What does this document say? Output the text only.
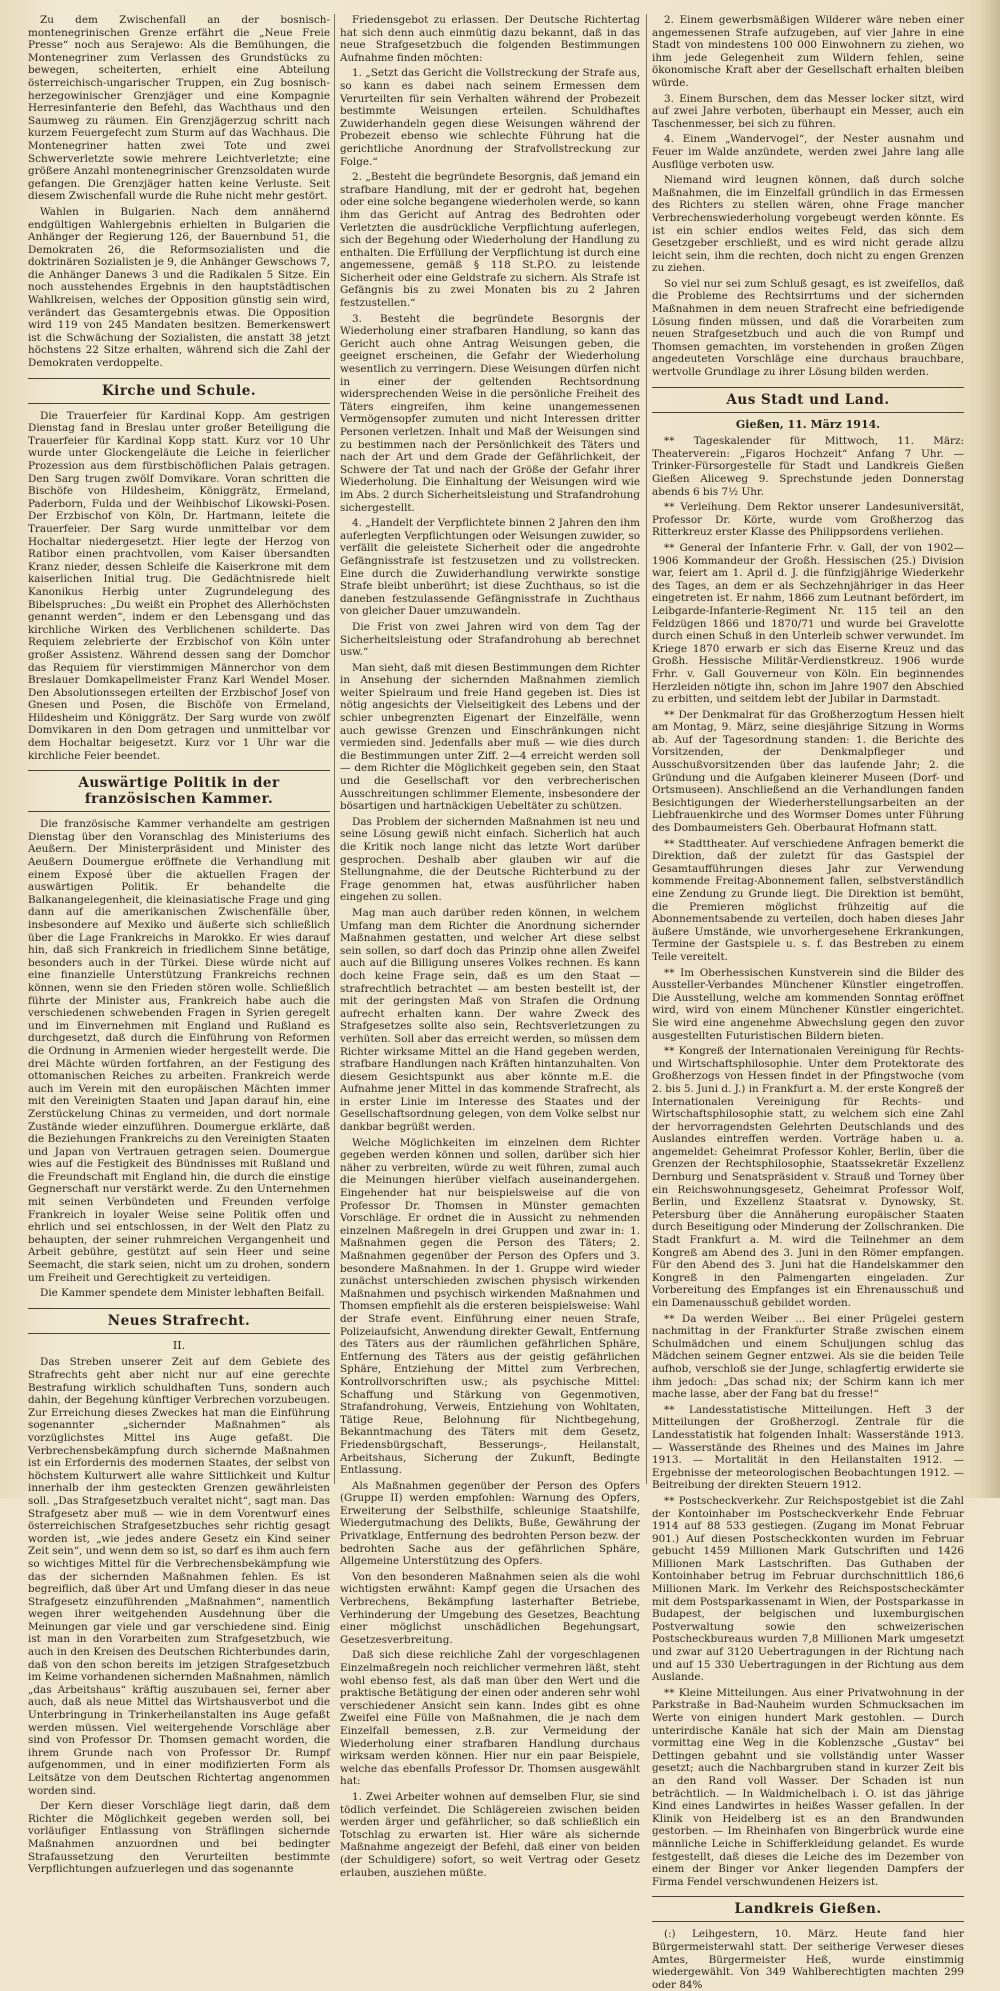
Zu dem Zwischenfall an der bosnisch-montenegrinischen Grenze erfährt die „Neue Freie Presse“ noch aus Serajewo: Als die Bemühungen, die Montenegriner zum Verlassen des Grundstücks zu bewegen, scheiterten, erhielt eine Abteilung österreichisch-ungarischer Truppen, ein Zug bosnisch-herzegowinischer Grenzjäger und eine Kompagnie Herresinfanterie den Befehl, das Wachthaus und den Saumweg zu räumen. Ein Grenzjägerzug schritt nach kurzem Feuergefecht zum Sturm auf das Wachhaus. Die Montenegriner hatten zwei Tote und zwei Schwerverletzte sowie mehrere Leichtverletzte; eine größere Anzahl montenegrinischer Grenzsoldaten wurde gefangen. Die Grenzjäger hatten keine Verluste. Seit diesem Zwischenfall wurde die Ruhe nicht mehr gestört.
Wahlen in Bulgarien. Nach dem annähernd endgültigen Wahlergebnis erhielten in Bulgarien die Anhänger der Regierung 126, der Bauernbund 51, die Demokraten 26, die Reformsozialisten und die doktrinären Sozialisten je 9, die Anhänger Gewschows 7, die Anhänger Danews 3 und die Radikalen 5 Sitze. Ein noch ausstehendes Ergebnis in den hauptstädtischen Wahlkreisen, welches der Opposition günstig sein wird, verändert das Gesamtergebnis etwas. Die Opposition wird 119 von 245 Mandaten besitzen. Bemerkenswert ist die Schwächung der Sozialisten, die anstatt 38 jetzt höchstens 22 Sitze erhalten, während sich die Zahl der Demokraten verdoppelte.
Kirche und Schule.
Die Trauerfeier für Kardinal Kopp. Am gestrigen Dienstag fand in Breslau unter großer Beteiligung die Trauerfeier für Kardinal Kopp statt. Kurz vor 10 Uhr wurde unter Glockengeläute die Leiche in feierlicher Prozession aus dem fürstbischöflichen Palais getragen. Den Sarg trugen zwölf Domvikare. Voran schritten die Bischöfe von Hildesheim, Königgrätz, Ermeland, Paderborn, Fulda und der Weihbischof Likowski-Posen. Der Erzbischof von Köln, Dr. Hartmann, leitete die Trauerfeier. Der Sarg wurde unmittelbar vor dem Hochaltar niedergesetzt. Hier legte der Herzog von Ratibor einen prachtvollen, vom Kaiser übersandten Kranz nieder, dessen Schleife die Kaiserkrone mit dem kaiserlichen Initial trug. Die Gedächtnisrede hielt Kanonikus Herbig unter Zugrundelegung des Bibelspruches: „Du weißt ein Prophet des Allerhöchsten genannt werden“, indem er den Lebensgang und das kirchliche Wirken des Verblichenen schilderte. Das Requiem zelebrierte der Erzbischof von Köln unter großer Assistenz. Während dessen sang der Domchor das Requiem für vierstimmigen Männerchor von dem Breslauer Domkapellmeister Franz Karl Wendel Moser. Den Absolutionssegen erteilten der Erzbischof Josef von Gnesen und Posen, die Bischöfe von Ermeland, Hildesheim und Königgrätz. Der Sarg wurde von zwölf Domvikaren in den Dom getragen und unmittelbar vor dem Hochaltar beigesetzt. Kurz vor 1 Uhr war die kirchliche Feier beendet.
Auswärtige Politik in der französischen Kammer.
Die französische Kammer verhandelte am gestrigen Dienstag über den Voranschlag des Ministeriums des Aeußern. Der Ministerpräsident und Minister des Aeußern Doumergue eröffnete die Verhandlung mit einem Exposé über die aktuellen Fragen der auswärtigen Politik. Er behandelte die Balkanangelegenheit, die kleinasiatische Frage und ging dann auf die amerikanischen Zwischenfälle über, insbesondere auf Mexiko und äußerte sich schließlich über die Lage Frankreichs in Marokko. Er wies darauf hin, daß sich Frankreich in friedlichem Sinne betätige, besonders auch in der Türkei. Diese würde nicht auf eine finanzielle Unterstützung Frankreichs rechnen können, wenn sie den Frieden stören wolle. Schließlich führte der Minister aus, Frankreich habe auch die verschiedenen schwebenden Fragen in Syrien geregelt und im Einvernehmen mit England und Rußland es durchgesetzt, daß durch die Einführung von Reformen die Ordnung in Armenien wieder hergestellt werde. Die drei Mächte würden fortfahren, an der Festigung des ottomanischen Reiches zu arbeiten. Frankreich werde auch im Verein mit den europäischen Mächten immer mit den Vereinigten Staaten und Japan darauf hin, eine Zerstückelung Chinas zu vermeiden, und dort normale Zustände wieder einzuführen. Doumergue erklärte, daß die Beziehungen Frankreichs zu den Vereinigten Staaten und Japan von Vertrauen getragen seien. Doumergue wies auf die Festigkeit des Bündnisses mit Rußland und die Freundschaft mit England hin, die durch die einstige Gegnerschaft nur verstärkt werde. Zu den Unternehmen mit seinen Verbündeten und Freunden verfolge Frankreich in loyaler Weise seine Politik offen und ehrlich und sei entschlossen, in der Welt den Platz zu behaupten, der seiner ruhmreichen Vergangenheit und Arbeit gebühre, gestützt auf sein Heer und seine Seemacht, die stark seien, nicht um zu drohen, sondern um Freiheit und Gerechtigkeit zu verteidigen.
Die Kammer spendete dem Minister lebhaften Beifall.
Neues Strafrecht.
II.
Das Streben unserer Zeit auf dem Gebiete des Strafrechts geht aber nicht nur auf eine gerechte Bestrafung wirklich schuldhaften Tuns, sondern auch dahin, der Begehung künftiger Verbrechen vorzubeugen. Zur Erreichung dieses Zweckes hat man die Einführung sogenannter „sichernder Maßnahmen“ als vorzüglichstes Mittel ins Auge gefaßt. Die Verbrechensbekämpfung durch sichernde Maßnahmen ist ein Erfordernis des modernen Staates, der selbst von höchstem Kulturwert alle wahre Sittlichkeit und Kultur innerhalb der ihm gesteckten Grenzen gewährleisten soll. „Das Strafgesetzbuch veraltet nicht“, sagt man. Das Strafgesetz aber muß — wie in dem Vorentwurf eines österreichischen Strafgesetzbuches sehr richtig gesagt worden ist, „wie jedes andere Gesetz ein Kind seiner Zeit sein“, und wenn dem so ist, so darf es ihm auch fern so wichtiges Mittel für die Verbrechensbekämpfung wie das der sichernden Maßnahmen fehlen. Es ist begreiflich, daß über Art und Umfang dieser in das neue Strafgesetz einzuführenden „Maßnahmen“, namentlich wegen ihrer weitgehenden Ausdehnung über die Meinungen gar viele und gar verschiedene sind. Einig ist man in den Vorarbeiten zum Strafgesetzbuch, wie auch in den Kreisen des Deutschen Richterbundes darin, daß von den schon bereits im jetzigen Strafgesetzbuch im Keime vorhandenen sichernden Maßnahmen, nämlich „das Arbeitshaus“ kräftig auszubauen sei, ferner aber auch, daß als neue Mittel das Wirtshausverbot und die Unterbringung in Trinkerheilanstalten ins Auge gefaßt werden müssen. Viel weitergehende Vorschläge aber sind von Professor Dr. Thomsen gemacht worden, die ihrem Grunde nach von Professor Dr. Rumpf aufgenommen, und in einer modifizierten Form als Leitsätze von dem Deutschen Richtertag angenommen worden sind.
Der Kern dieser Vorschläge liegt darin, daß dem Richter die Möglichkeit gegeben werden soll, bei vorläufiger Entlassung von Sträflingen sichernde Maßnahmen anzuordnen und bei bedingter Strafaussetzung den Verurteilten bestimmte Verpflichtungen aufzuerlegen und das sogenannte
Friedensgebot zu erlassen. Der Deutsche Richtertag hat sich denn auch einmütig dazu bekannt, daß in das neue Strafgesetzbuch die folgenden Bestimmungen Aufnahme finden möchten:
1. „Setzt das Gericht die Vollstreckung der Strafe aus, so kann es dabei nach seinem Ermessen dem Verurteilten für sein Verhalten während der Probezeit bestimmte Weisungen erteilen. Schuldhaftes Zuwiderhandeln gegen diese Weisungen während der Probezeit ebenso wie schlechte Führung hat die gerichtliche Anordnung der Strafvollstreckung zur Folge.“
2. „Besteht die begründete Besorgnis, daß jemand ein strafbare Handlung, mit der er gedroht hat, begehen oder eine solche begangene wiederholen werde, so kann ihm das Gericht auf Antrag des Bedrohten oder Verletzten die ausdrückliche Verpflichtung auferlegen, sich der Begehung oder Wiederholung der Handlung zu enthalten. Die Erfüllung der Verpflichtung ist durch eine angemessene, gemäß § 118 St.P.O. zu leistende Sicherheit oder eine Geldstrafe zu sichern. Als Strafe ist Gefängnis bis zu zwei Monaten bis zu 2 Jahren festzustellen.“
3. Besteht die begründete Besorgnis der Wiederholung einer strafbaren Handlung, so kann das Gericht auch ohne Antrag Weisungen geben, die geeignet erscheinen, die Gefahr der Wiederholung wesentlich zu verringern. Diese Weisungen dürfen nicht in einer der geltenden Rechtsordnung widersprechenden Weise in die persönliche Freiheit des Täters eingreifen, ihm keine unangemessenen Vermögensopfer zumuten und nicht Interessen dritter Personen verletzen. Inhalt und Maß der Weisungen sind zu bestimmen nach der Persönlichkeit des Täters und nach der Art und dem Grade der Gefährlichkeit, der Schwere der Tat und nach der Größe der Gefahr ihrer Wiederholung. Die Einhaltung der Weisungen wird wie im Abs. 2 durch Sicherheitsleistung und Strafandrohung sichergestellt.
4. „Handelt der Verpflichtete binnen 2 Jahren den ihm auferlegten Verpflichtungen oder Weisungen zuwider, so verfällt die geleistete Sicherheit oder die angedrohte Gefängnisstrafe ist festzusetzen und zu vollstrecken. Eine durch die Zuwiderhandlung verwirkte sonstige Strafe bleibt unberührt; ist diese Zuchthaus, so ist die daneben festzulassende Gefängnisstrafe in Zuchthaus von gleicher Dauer umzuwandeln.
Die Frist von zwei Jahren wird von dem Tag der Sicherheitsleistung oder Strafandrohung ab berechnet usw.“
Man sieht, daß mit diesen Bestimmungen dem Richter in Ansehung der sichernden Maßnahmen ziemlich weiter Spielraum und freie Hand gegeben ist. Dies ist nötig angesichts der Vielseitigkeit des Lebens und der schier unbegrenzten Eigenart der Einzelfälle, wenn auch gewisse Grenzen und Einschränkungen nicht vermieden sind. Jedenfalls aber muß — wie dies durch die Bestimmungen unter Ziff. 2—4 erreicht werden soll — dem Richter die Möglichkeit gegeben sein, den Staat und die Gesellschaft vor den verbrecherischen Ausschreitungen schlimmer Elemente, insbesondere der bösartigen und hartnäckigen Uebeltäter zu schützen.
Das Problem der sichernden Maßnahmen ist neu und seine Lösung gewiß nicht einfach. Sicherlich hat auch die Kritik noch lange nicht das letzte Wort darüber gesprochen. Deshalb aber glauben wir auf die Stellungnahme, die der Deutsche Richterbund zu der Frage genommen hat, etwas ausführlicher haben eingehen zu sollen.
Mag man auch darüber reden können, in welchem Umfang man dem Richter die Anordnung sichernder Maßnahmen gestatten, und welcher Art diese selbst sein sollen, so darf doch das Prinzip ohne allen Zweifel auch auf die Billigung unseres Volkes rechnen. Es kann doch keine Frage sein, daß es um den Staat — strafrechtlich betrachtet — am besten bestellt ist, der mit der geringsten Maß von Strafen die Ordnung aufrecht erhalten kann. Der wahre Zweck des Strafgesetzes sollte also sein, Rechtsverletzungen zu verhüten. Soll aber das erreicht werden, so müssen dem Richter wirksame Mittel an die Hand gegeben werden, strafbare Handlungen nach Kräften hintanzuhalten. Von diesem Gesichtspunkt aus aber könnte m.E. die Aufnahme jener Mittel in das kommende Strafrecht, als in erster Linie im Interesse des Staates und der Gesellschaftsordnung gelegen, von dem Volke selbst nur dankbar begrüßt werden.
Welche Möglichkeiten im einzelnen dem Richter gegeben werden können und sollen, darüber sich hier näher zu verbreiten, würde zu weit führen, zumal auch die Meinungen hierüber vielfach auseinandergehen. Eingehender hat nur beispielsweise auf die von Professor Dr. Thomsen in Münster gemachten Vorschläge. Er ordnet die in Aussicht zu nehmenden einzelnen Maßregeln in drei Gruppen und zwar in: 1. Maßnahmen gegen die Person des Täters; 2. Maßnahmen gegenüber der Person des Opfers und 3. besondere Maßnahmen. In der 1. Gruppe wird wieder zunächst unterschieden zwischen physisch wirkenden Maßnahmen und psychisch wirkenden Maßnahmen und Thomsen empfiehlt als die ersteren beispielsweise: Wahl der Strafe event. Einführung einer neuen Strafe, Polizeiaufsicht, Anwendung direkter Gewalt, Entfernung des Täters aus der räumlichen gefährlichen Sphäre, Entfernung des Täters aus der geistig gefährlichen Sphäre, Entziehung der Mittel zum Verbrechen, Kontrollvorschriften usw.; als psychische Mittel: Schaffung und Stärkung von Gegenmotiven, Strafandrohung, Verweis, Entziehung von Wohltaten, Tätige Reue, Belohnung für Nichtbegehung, Bekanntmachung des Täters mit dem Gesetz, Friedensbürgschaft, Besserungs-, Heilanstalt, Arbeitshaus, Sicherung der Zukunft, Bedingte Entlassung.
Als Maßnahmen gegenüber der Person des Opfers (Gruppe II) werden empfohlen: Warnung des Opfers, Erweiterung der Selbsthilfe, schleunige Staatshilfe, Wiedergutmachung des Delikts, Buße, Gewährung der Privatklage, Entfernung des bedrohten Person bezw. der bedrohten Sache aus der gefährlichen Sphäre, Allgemeine Unterstützung des Opfers.
Von den besonderen Maßnahmen seien als die wohl wichtigsten erwähnt: Kampf gegen die Ursachen des Verbrechens, Bekämpfung lasterhafter Betriebe, Verhinderung der Umgebung des Gesetzes, Beachtung einer möglichst unschädlichen Begehungsart, Gesetzesverbreitung.
Daß sich diese reichliche Zahl der vorgeschlagenen Einzelmaßregeln noch reichlicher vermehren läßt, steht wohl ebenso fest, als daß man über den Wert und die praktische Betätigung der einen oder anderen sehr wohl verschiedener Ansicht sein kann. Indes gibt es ohne Zweifel eine Fülle von Maßnahmen, die je nach dem Einzelfall bemessen, z.B. zur Vermeidung der Wiederholung einer strafbaren Handlung durchaus wirksam werden können. Hier nur ein paar Beispiele, welche das ebenfalls Professor Dr. Thomsen ausgewählt hat:
1. Zwei Arbeiter wohnen auf demselben Flur, sie sind tödlich verfeindet. Die Schlägereien zwischen beiden werden ärger und gefährlicher, so daß schließlich ein Totschlag zu erwarten ist. Hier wäre als sichernde Maßnahme angezeigt der Befehl, daß einer von beiden (der Schuldigere) sofort, so weit Vertrag oder Gesetz erlauben, ausziehen müßte.
2. Einem gewerbsmäßigen Wilderer wäre neben einer angemessenen Strafe aufzugeben, auf vier Jahre in eine Stadt von mindestens 100 000 Einwohnern zu ziehen, wo ihm jede Gelegenheit zum Wildern fehlen, seine ökonomische Kraft aber der Gesellschaft erhalten bleiben würde.
3. Einem Burschen, dem das Messer locker sitzt, wird auf zwei Jahre verboten, überhaupt ein Messer, auch ein Taschenmesser, bei sich zu führen.
4. Einem „Wandervogel“, der Nester ausnahm und Feuer im Walde anzündete, werden zwei Jahre lang alle Ausflüge verboten usw.
Niemand wird leugnen können, daß durch solche Maßnahmen, die im Einzelfall gründlich in das Ermessen des Richters zu stellen wären, ohne Frage mancher Verbrechenswiederholung vorgebeugt werden könnte. Es ist ein schier endlos weites Feld, das sich dem Gesetzgeber erschließt, und es wird nicht gerade allzu leicht sein, ihm die rechten, doch nicht zu engen Grenzen zu ziehen.
So viel nur sei zum Schluß gesagt, es ist zweifellos, daß die Probleme des Rechtsirrtums und der sichernden Maßnahmen in dem neuen Strafrecht eine befriedigende Lösung finden müssen, und daß die Vorarbeiten zum neuen Strafgesetzbuch und auch die von Rumpf und Thomsen gemachten, im vorstehenden in großen Zügen angedeuteten Vorschläge eine durchaus brauchbare, wertvolle Grundlage zu ihrer Lösung bilden werden.
Aus Stadt und Land.
Gießen, 11. März 1914.
** Tageskalender für Mittwoch, 11. März: Theaterverein: „Figaros Hochzeit“ Anfang 7 Uhr. — Trinker-Fürsorgestelle für Stadt und Landkreis Gießen Gießen Aliceweg 9. Sprechstunde jeden Donnerstag abends 6 bis 7½ Uhr.
** Verleihung. Dem Rektor unserer Landesuniversität, Professor Dr. Körte, wurde vom Großherzog das Ritterkreuz erster Klasse des Philippsordens verliehen.
** General der Infanterie Frhr. v. Gall, der von 1902—1906 Kommandeur der Großh. Hessischen (25.) Division war, feiert am 1. April d. J. die fünfzigjährige Wiederkehr des Tages, an dem er als Sechzehnjähriger in das Heer eingetreten ist. Er nahm, 1866 zum Leutnant befördert, im Leibgarde-Infanterie-Regiment Nr. 115 teil an den Feldzügen 1866 und 1870/71 und wurde bei Gravelotte durch einen Schuß in den Unterleib schwer verwundet. Im Kriege 1870 erwarb er sich das Eiserne Kreuz und das Großh. Hessische Militär-Verdienstkreuz. 1906 wurde Frhr. v. Gall Gouverneur von Köln. Ein beginnendes Herzleiden nötigte ihn, schon im Jahre 1907 den Abschied zu erbitten, und seitdem lebt der Jubilar in Darmstadt.
** Der Denkmalrat für das Großherzogtum Hessen hielt am Montag, 9. März, seine diesjährige Sitzung in Worms ab. Auf der Tagesordnung standen: 1. die Berichte des Vorsitzenden, der Denkmalpfleger und Ausschußvorsitzenden über das laufende Jahr; 2. die Gründung und die Aufgaben kleinerer Museen (Dorf- und Ortsmuseen). Anschließend an die Verhandlungen fanden Besichtigungen der Wiederherstellungsarbeiten an der Liebfrauenkirche und des Wormser Domes unter Führung des Dombaumeisters Geh. Oberbaurat Hofmann statt.
** Stadttheater. Auf verschiedene Anfragen bemerkt die Direktion, daß der zuletzt für das Gastspiel der Gesamtaufführungen dieses Jahr zur Verwendung kommende Freitag-Abonnement fallen, selbstverständlich eine Zendung zu Grunde liegt. Die Direktion ist bemüht, die Premieren möglichst frühzeitig auf die Abonnementsabende zu verteilen, doch haben dieses Jahr äußere Umstände, wie unvorhergesehene Erkrankungen, Termine der Gastspiele u. s. f. das Bestreben zu einem Teile vereitelt.
** Im Oberhessischen Kunstverein sind die Bilder des Aussteller-Verbandes Münchener Künstler eingetroffen. Die Ausstellung, welche am kommenden Sonntag eröffnet wird, wird von einem Münchener Künstler eingerichtet. Sie wird eine angenehme Abwechslung gegen den zuvor ausgestellten Futuristischen Bildern bieten.
** Kongreß der Internationalen Vereinigung für Rechts- und Wirtschaftsphilosophie. Unter dem Protektorate des Großherzogs von Hessen findet in der Pfingstwoche (vom 2. bis 5. Juni d. J.) in Frankfurt a. M. der erste Kongreß der Internationalen Vereinigung für Rechts- und Wirtschaftsphilosophie statt, zu welchem sich eine Zahl der hervorragendsten Gelehrten Deutschlands und des Auslandes eintreffen werden. Vorträge haben u. a. angemeldet: Geheimrat Professor Kohler, Berlin, über die Grenzen der Rechtsphilosophie, Staatssekretär Exzellenz Dernburg und Senatspräsident v. Strauß und Torney über ein Reichswohnungsgesetz, Geheimrat Professor Wolf, Berlin, und Exzellenz Staatsrat v. Dynowsky, St. Petersburg über die Annäherung europäischer Staaten durch Beseitigung oder Minderung der Zollschranken. Die Stadt Frankfurt a. M. wird die Teilnehmer an dem Kongreß am Abend des 3. Juni in den Römer empfangen. Für den Abend des 3. Juni hat die Handelskammer den Kongreß in den Palmengarten eingeladen. Zur Vorbereitung des Empfanges ist ein Ehrenausschuß und ein Damenausschuß gebildet worden.
** Da werden Weiber ... Bei einer Prügelei gestern nachmittag in der Frankfurter Straße zwischen einem Schulmädchen und einem Schuljungen schlug das Mädchen seinem Gegner entzwei. Als sie die beiden Teile aufhob, verschloß sie der Junge, schlagfertig erwiderte sie ihm jedoch: „Das schad nix; der Schirm kann ich mer mache lasse, aber der Fang bat du fresse!“
** Landesstatistische Mitteilungen. Heft 3 der Mitteilungen der Großherzogl. Zentrale für die Landesstatistik hat folgenden Inhalt: Wasserstände 1913. — Wasserstände des Rheines und des Maines im Jahre 1913. — Mortalität in den Heilanstalten 1912. — Ergebnisse der meteorologischen Beobachtungen 1912. — Beitreibung der direkten Steuern 1912.
** Postscheckverkehr. Zur Reichspostgebiet ist die Zahl der Kontoinhaber im Postscheckverkehr Ende Februar 1914 auf 88 533 gestiegen. (Zugang im Monat Februar 901.) Auf diesen Postscheckkonten wurden im Februar gebucht 1459 Millionen Mark Gutschriften und 1426 Millionen Mark Lastschriften. Das Guthaben der Kontoinhaber betrug im Februar durchschnittlich 186,6 Millionen Mark. Im Verkehr des Reichspostscheckämter mit dem Postsparkassenamt in Wien, der Postsparkasse in Budapest, der belgischen und luxemburgischen Postverwaltung sowie den schweizerischen Postscheckbureaus wurden 7,8 Millionen Mark umgesetzt und zwar auf 3120 Uebertragungen in der Richtung nach und auf 15 330 Uebertragungen in der Richtung aus dem Auslande.
** Kleine Mitteilungen. Aus einer Privatwohnung in der Parkstraße in Bad-Nauheim wurden Schmucksachen im Werte von einigen hundert Mark gestohlen. — Durch unterirdische Kanäle hat sich der Main am Dienstag vormittag eine Weg in die Koblenzsche „Gustav“ bei Dettingen gebahnt und sie vollständig unter Wasser gesetzt; auch die Nachbargruben stand in kurzer Zeit bis an den Rand voll Wasser. Der Schaden ist nun beträchtlich. — In Waldmichelbach i. O. ist das jährige Kind eines Landwirtes in heißes Wasser gefallen. In der Klinik von Heidelberg ist es an den Brandwunden gestorben. — Im Rheinhafen von Bingerbrück wurde eine männliche Leiche in Schifferkleidung gelandet. Es wurde festgestellt, daß dieses die Leiche des im Dezember von einem der Binger vor Anker liegenden Dampfers der Firma Fendel verschwundenen Heizers ist.
Landkreis Gießen.
(:) Leihgestern, 10. März. Heute fand hier Bürgermeisterwahl statt. Der seitherige Verweser dieses Amtes, Bürgermeister Heß, wurde einstimmig wiedergewählt. Von 349 Wahlberechtigten machten 299 oder 84%
